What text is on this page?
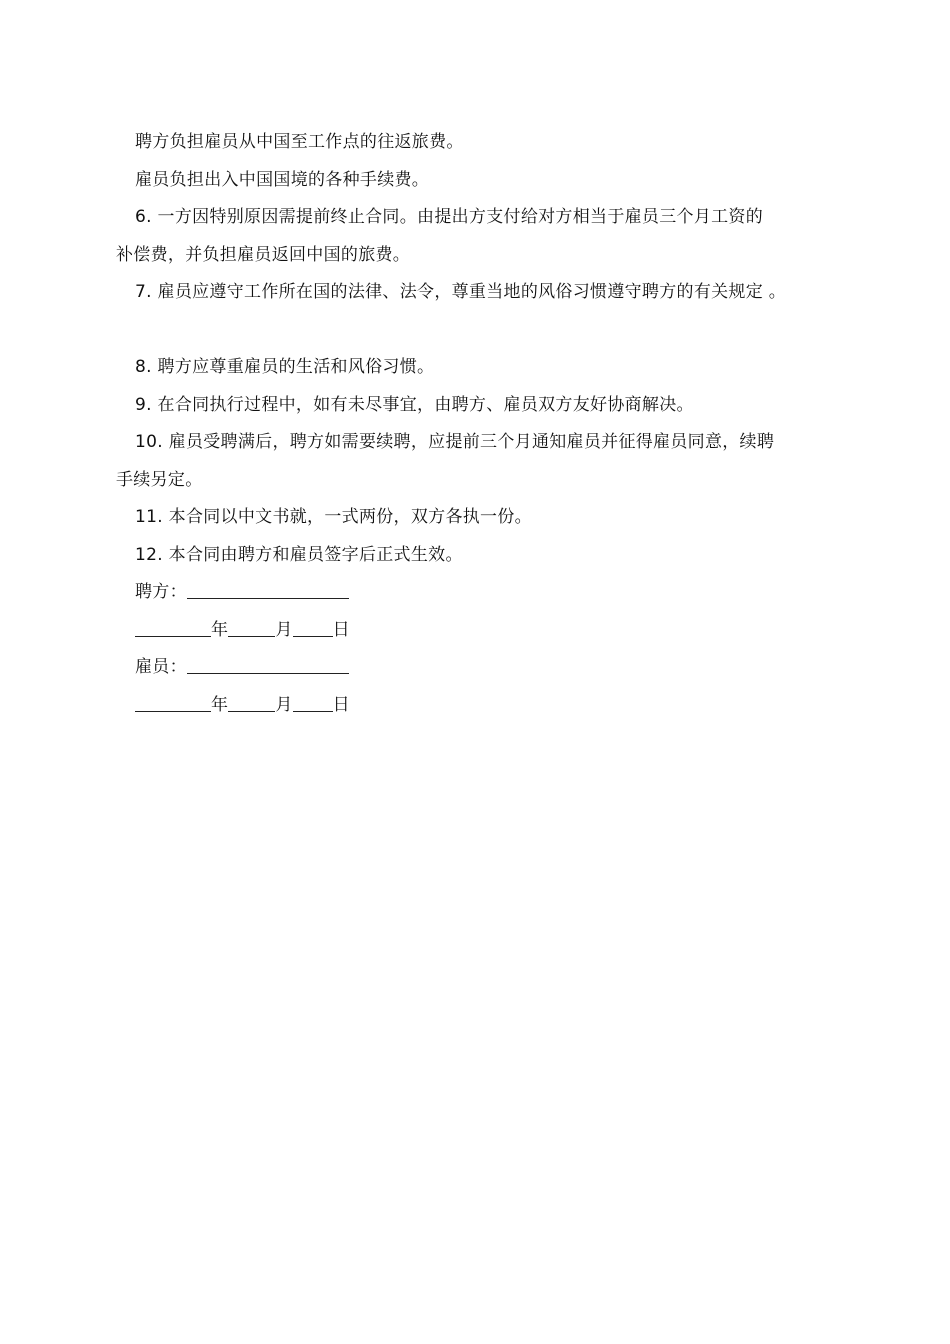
聘方负担雇员从中国至工作点的往返旅费。
雇员负担出入中国国境的各种手续费。
6. 一方因特别原因需提前终止合同。由提出方支付给对方相当于雇员三个月工资的
补偿费，并负担雇员返回中国的旅费。
7. 雇员应遵守工作所在国的法律、法令，尊重当地的风俗习惯遵守聘方的有关规定 。
8. 聘方应尊重雇员的生活和风俗习惯。
9. 在合同执行过程中，如有未尽事宜，由聘方、雇员双方友好协商解决。
10. 雇员受聘满后，聘方如需要续聘，应提前三个月通知雇员并征得雇员同意，续聘
手续另定。
11. 本合同以中文书就，一式两份，双方各执一份。
12. 本合同由聘方和雇员签字后正式生效。
聘方：
年	月 日
雇员：
年	月 日
